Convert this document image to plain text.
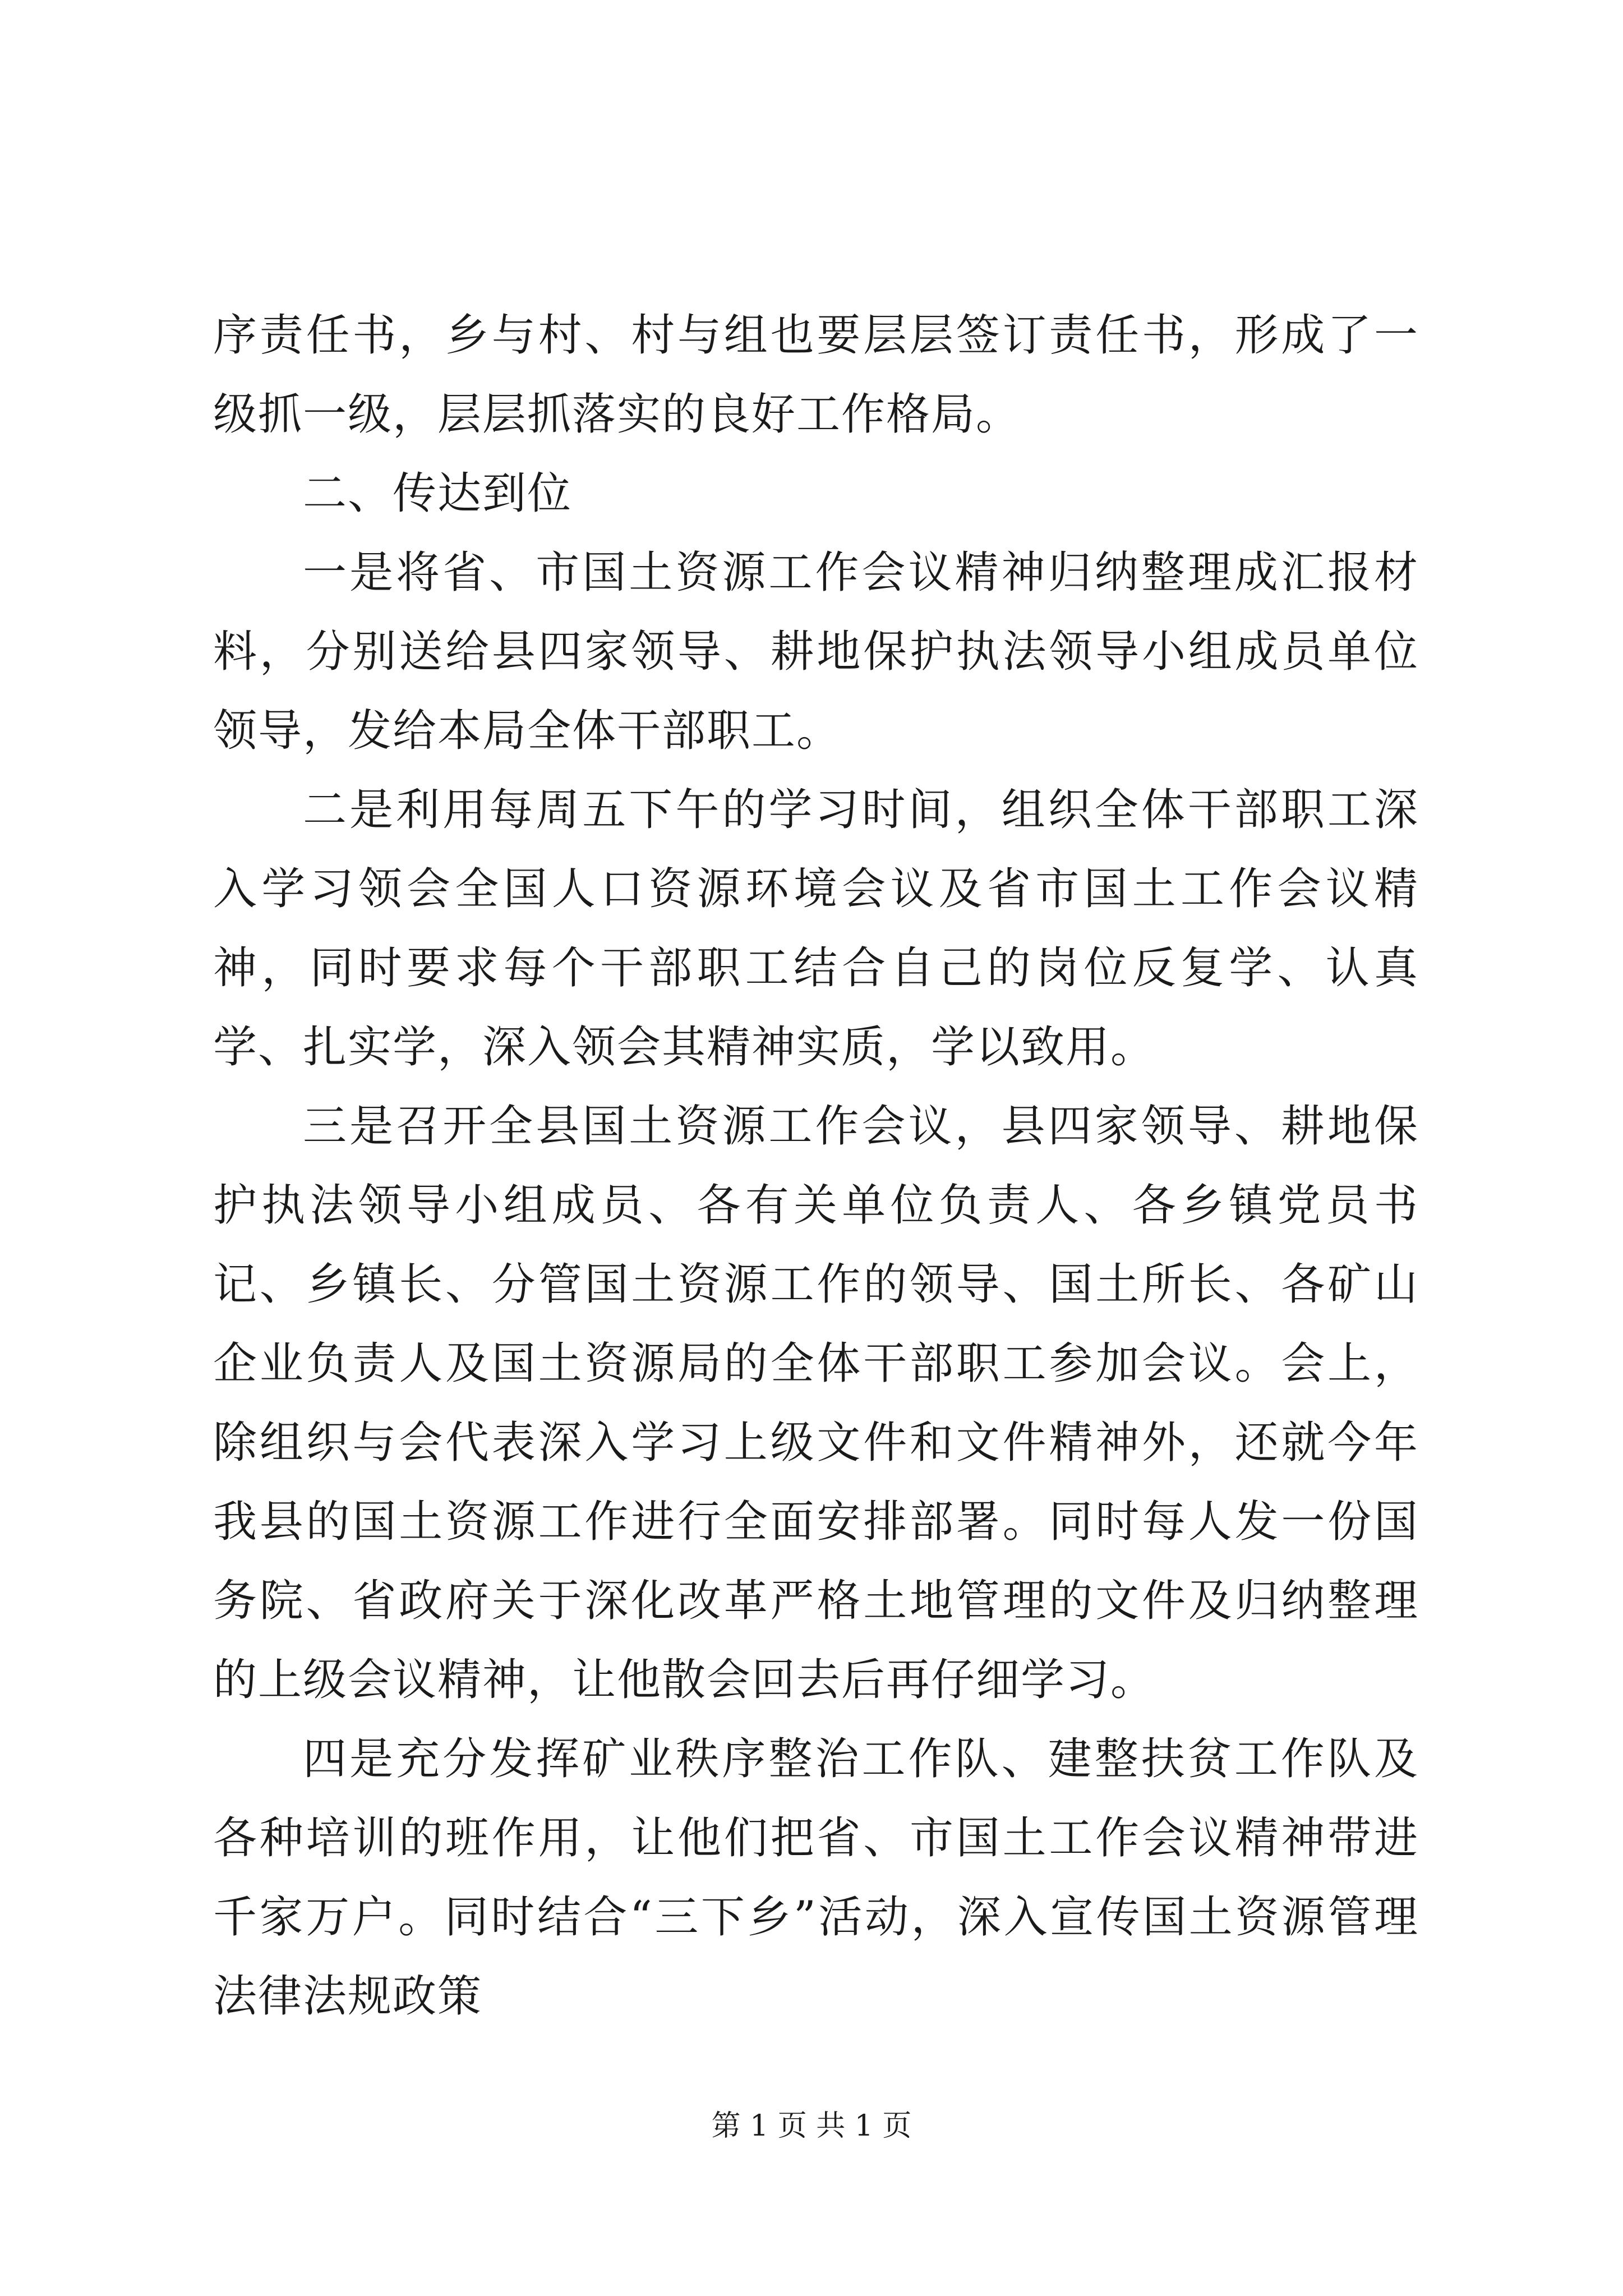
序责任书，乡与村、村与组也要层层签订责任书，形成了一级抓一级，层层抓落实的良好工作格局。

二、传达到位

一是将省、市国土资源工作会议精神归纳整理成汇报材料，分别送给县四家领导、耕地保护执法领导小组成员单位领导，发给本局全体干部职工。

二是利用每周五下午的学习时间，组织全体干部职工深入学习领会全国人口资源环境会议及省市国土工作会议精神，同时要求每个干部职工结合自己的岗位反复学、认真学、扎实学，深入领会其精神实质，学以致用。

三是召开全县国土资源工作会议，县四家领导、耕地保护执法领导小组成员、各有关单位负责人、各乡镇党员书记、乡镇长、分管国土资源工作的领导、国土所长、各矿山企业负责人及国土资源局的全体干部职工参加会议。会上，除组织与会代表深入学习上级文件和文件精神外，还就今年我县的国土资源工作进行全面安排部署。同时每人发一份国务院、省政府关于深化改革严格土地管理的文件及归纳整理的上级会议精神，让他散会回去后再仔细学习。

四是充分发挥矿业秩序整治工作队、建整扶贫工作队及各种培训的班作用，让他们把省、市国土工作会议精神带进千家万户。同时结合“三下乡”活动，深入宣传国土资源管理法律法规政策

第 1 页 共 1 页
